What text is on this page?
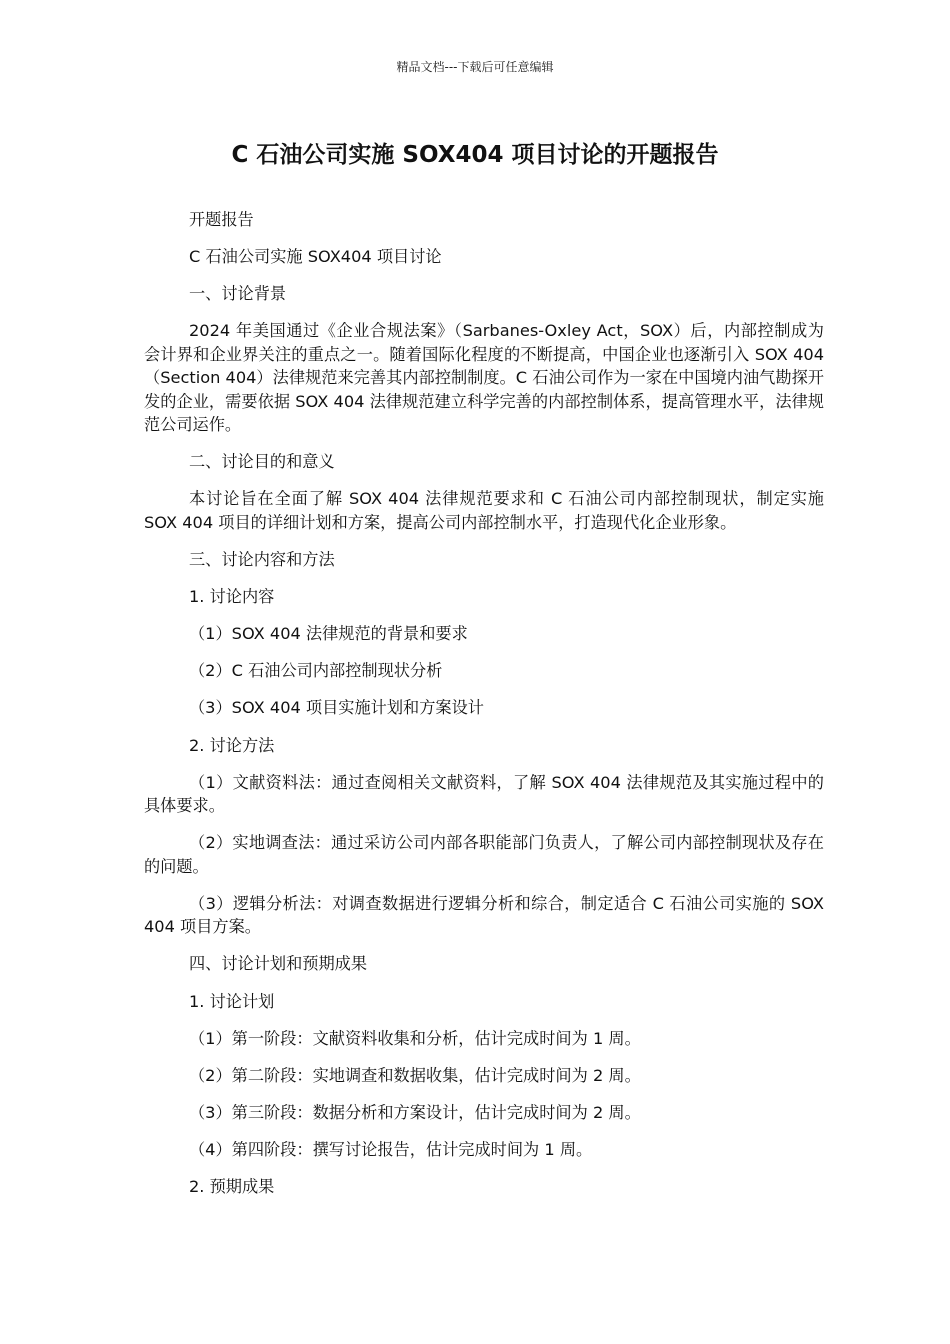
精品文档---下载后可任意编辑
C 石油公司实施 SOX404 项目讨论的开题报告

开题报告

C 石油公司实施 SOX404 项目讨论

一、讨论背景

2024 年美国通过《企业合规法案》（Sarbanes-Oxley Act，SOX）后，内部控制成为会计界和企业界关注的重点之一。随着国际化程度的不断提高，中国企业也逐渐引入 SOX 404（Section 404）法律规范来完善其内部控制制度。C 石油公司作为一家在中国境内油气勘探开发的企业，需要依据 SOX 404 法律规范建立科学完善的内部控制体系，提高管理水平，法律规范公司运作。

二、讨论目的和意义

本讨论旨在全面了解 SOX 404 法律规范要求和 C 石油公司内部控制现状，制定实施 SOX 404 项目的详细计划和方案，提高公司内部控制水平，打造现代化企业形象。

三、讨论内容和方法

1. 讨论内容

（1）SOX 404 法律规范的背景和要求

（2）C 石油公司内部控制现状分析

（3）SOX 404 项目实施计划和方案设计

2. 讨论方法

（1）文献资料法：通过查阅相关文献资料，了解 SOX 404 法律规范及其实施过程中的具体要求。

（2）实地调查法：通过采访公司内部各职能部门负责人，了解公司内部控制现状及存在的问题。

（3）逻辑分析法：对调查数据进行逻辑分析和综合，制定适合 C 石油公司实施的 SOX 404 项目方案。

四、讨论计划和预期成果

1. 讨论计划

（1）第一阶段：文献资料收集和分析，估计完成时间为 1 周。

（2）第二阶段：实地调查和数据收集，估计完成时间为 2 周。

（3）第三阶段：数据分析和方案设计，估计完成时间为 2 周。

（4）第四阶段：撰写讨论报告，估计完成时间为 1 周。

2. 预期成果
